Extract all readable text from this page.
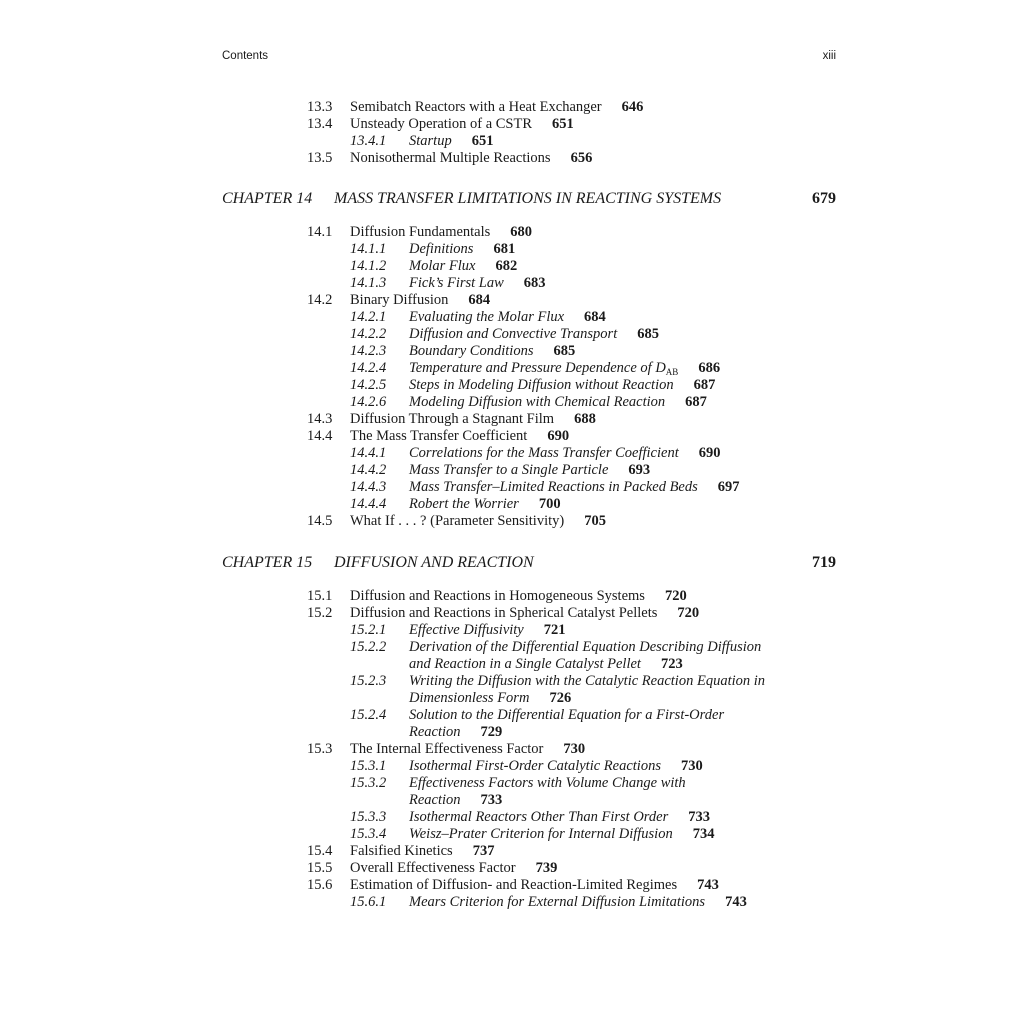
Contents	xiii
13.3 Semibatch Reactors with a Heat Exchanger 646
13.4 Unsteady Operation of a CSTR 651
13.4.1 Startup 651
13.5 Nonisothermal Multiple Reactions 656
CHAPTER 14 MASS TRANSFER LIMITATIONS IN REACTING SYSTEMS	679
14.1 Diffusion Fundamentals 680
14.1.1 Definitions 681
14.1.2 Molar Flux 682
14.1.3 Fick’s First Law 683
14.2 Binary Diffusion 684
14.2.1 Evaluating the Molar Flux 684
14.2.2 Diffusion and Convective Transport 685
14.2.3 Boundary Conditions 685
14.2.4 Temperature and Pressure Dependence of $D_{AB}$ 686
14.2.5 Steps in Modeling Diffusion without Reaction 687
14.2.6 Modeling Diffusion with Chemical Reaction 687
14.3 Diffusion Through a Stagnant Film 688
14.4 The Mass Transfer Coefficient 690
14.4.1 Correlations for the Mass Transfer Coefficient 690
14.4.2 Mass Transfer to a Single Particle 693
14.4.3 Mass Transfer–Limited Reactions in Packed Beds 697
14.4.4 Robert the Worrier 700
14.5 What If . . . ? (Parameter Sensitivity) 705
CHAPTER 15 DIFFUSION AND REACTION	719
15.1 Diffusion and Reactions in Homogeneous Systems 720
15.2 Diffusion and Reactions in Spherical Catalyst Pellets 720
15.2.1 Effective Diffusivity 721
15.2.2 Derivation of the Differential Equation Describing Diffusion
and Reaction in a Single Catalyst Pellet 723
15.2.3 Writing the Diffusion with the Catalytic Reaction Equation in
Dimensionless Form 726
15.2.4 Solution to the Differential Equation for a First-Order
Reaction 729
15.3 The Internal Effectiveness Factor 730
15.3.1 Isothermal First-Order Catalytic Reactions 730
15.3.2 Effectiveness Factors with Volume Change with
Reaction 733
15.3.3 Isothermal Reactors Other Than First Order 733
15.3.4 Weisz–Prater Criterion for Internal Diffusion 734
15.4 Falsified Kinetics 737
15.5 Overall Effectiveness Factor 739
15.6 Estimation of Diffusion- and Reaction-Limited Regimes 743
15.6.1 Mears Criterion for External Diffusion Limitations 743
